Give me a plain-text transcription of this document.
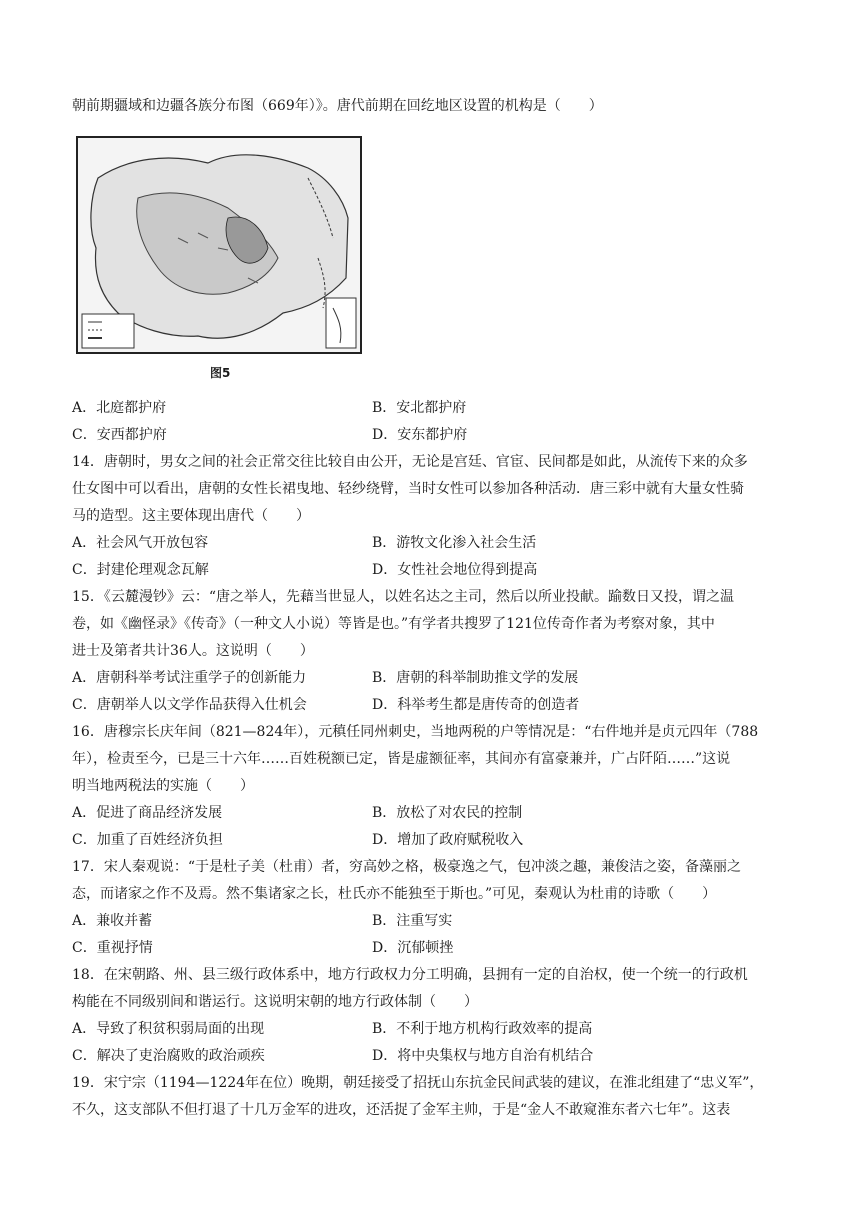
朝前期疆域和边疆各族分布图（669年）》。唐代前期在回纥地区设置的机构是（　　）
图5
A．北庭都护府	B．安北都护府
C．安西都护府	D．安东都护府
14．唐朝时，男女之间的社会正常交往比较自由公开，无论是宫廷、官宦、民间都是如此，从流传下来的众多
仕女图中可以看出，唐朝的女性长裙曳地、轻纱绕臂，当时女性可以参加各种活动．唐三彩中就有大量女性骑
马的造型。这主要体现出唐代（　　）
A．社会风气开放包容	B．游牧文化渗入社会生活
C．封建伦理观念瓦解	D．女性社会地位得到提高
15．《云麓漫钞》云：“唐之举人，先藉当世显人，以姓名达之主司，然后以所业投献。踰数日又投，谓之温
卷，如《幽怪录》《传奇》（一种文人小说）等皆是也。”有学者共搜罗了121位传奇作者为考察对象，其中
进士及第者共计36人。这说明（　　）
A．唐朝科举考试注重学子的创新能力	B．唐朝的科举制助推文学的发展
C．唐朝举人以文学作品获得入仕机会	D．科举考生都是唐传奇的创造者
16．唐穆宗长庆年间（821—824年），元稹任同州刺史，当地两税的户等情况是：“右件地并是贞元四年（788
年），检责至今，已是三十六年……百姓税额已定，皆是虚额征率，其间亦有富豪兼并，广占阡陌……”这说
明当地两税法的实施（　　）
A．促进了商品经济发展	B．放松了对农民的控制
C．加重了百姓经济负担	D．增加了政府赋税收入
17．宋人秦观说：“于是杜子美（杜甫）者，穷高妙之格，极豪逸之气，包冲淡之趣，兼俊洁之姿，备藻丽之
态，而诸家之作不及焉。然不集诸家之长，杜氏亦不能独至于斯也。”可见，秦观认为杜甫的诗歌（　　）
A．兼收并蓄	B．注重写实
C．重视抒情	D．沉郁顿挫
18．在宋朝路、州、县三级行政体系中，地方行政权力分工明确，县拥有一定的自治权，使一个统一的行政机
构能在不同级别间和谐运行。这说明宋朝的地方行政体制（　　）
A．导致了积贫积弱局面的出现	B．不利于地方机构行政效率的提高
C．解决了吏治腐败的政治顽疾	D．将中央集权与地方自治有机结合
19．宋宁宗（1194—1224年在位）晚期，朝廷接受了招抚山东抗金民间武装的建议，在淮北组建了“忠义军”，
不久，这支部队不但打退了十几万金军的进攻，还活捉了金军主帅，于是“金人不敢窥淮东者六七年”。这表
